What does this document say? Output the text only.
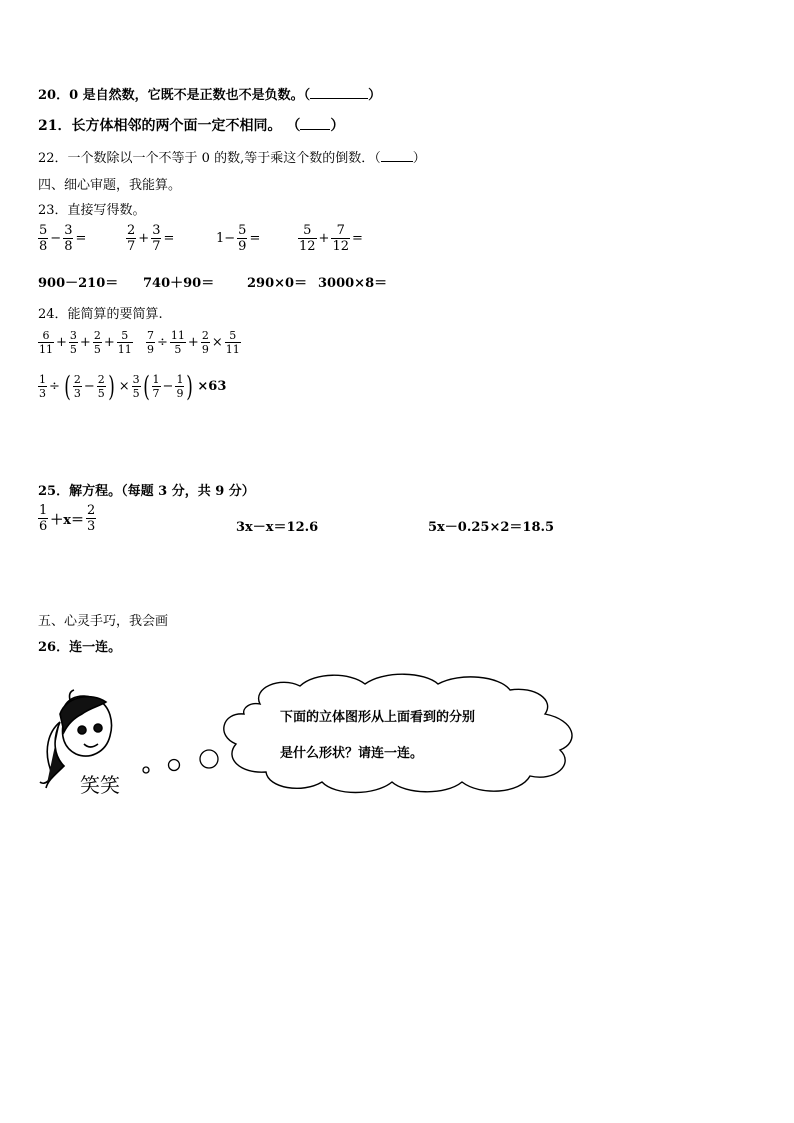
20．0 是自然数，它既不是正数也不是负数。（	）
21．长方体相邻的两个面一定不相同。 （ ）
22．一个数除以一个不等于 0 的数,等于乘这个数的倒数．（ ）
四、细心审题，我能算。
23．直接写得数。
$\frac{5}{8} - \frac{3}{8}$ =	$\frac{2}{7} + \frac{3}{7}$ =	$1- \frac{5}{9}$ =	$\frac{5}{12} + \frac{7}{12}$ =
900－210＝ 740＋90＝	290×0＝ 3000×8＝
24．能简算的要简算.
$\frac{6}{11} + \frac{3}{5} + \frac{2}{5} + \frac{5}{11} \frac{7}{9} \div \frac{11}{5} + \frac{2}{9} \times \frac{5}{11}$
$\frac{1}{3}$ ÷ ( $\frac{2}{3} - \frac{2}{5}$ ) × $\frac{3}{5}$ ( $\frac{1}{7} - \frac{1}{9}$ ) ×63
25．解方程。（每题 3 分，共 9 分）
$\frac{1}{6} +x= \frac{2}{3}$	3x－x＝12.6	5x－0.25×2＝18.5
五、心灵手巧，我会画
26．连一连。
笑笑
下面的立体图形从上面看到的分别
是什么形状？请连一连。
